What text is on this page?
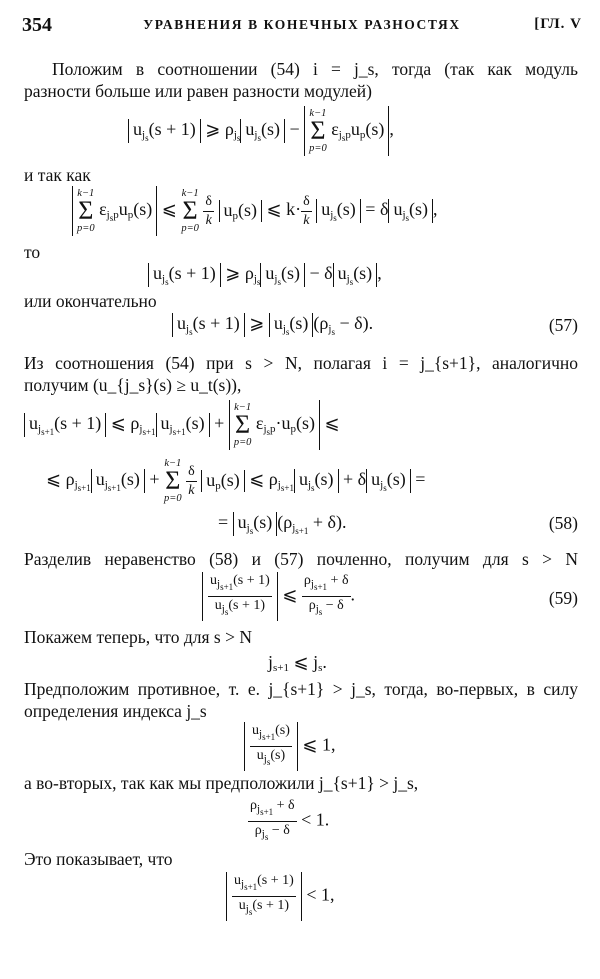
354	УРАВНЕНИЯ В КОНЕЧНЫХ РАЗНОСТЯХ	[ГЛ. V
Положим в соотношении (54) i = j_s, тогда (так как модуль
разности больше или равен разности модулей)
$u_{j_s}(s + 1)$ ⩾ $\rho_{j_s}$ $u_{j_s}(s)$ −
k−1
Σ
p=0
$\varepsilon_{j_sp}u_p(s)$ ,
и так как
k−1
Σ
p=0
$\varepsilon_{j_sp}u_p(s)$ ⩽
k−1
Σ
p=0
$\frac{\delta}{k} u_p(s)$ ⩽ $k\cdot \frac{\delta}{k} u_{j_s}(s) = \delta$ $u_{j_s}(s)$ ,
то
$u_{j_s}(s + 1)$ ⩾ $\rho_{j_s}$ $u_{j_s}(s) - \delta$ $u_{j_s}(s)$ ,
или окончательно
$u_{j_s}(s + 1)$ ⩾ $u_{j_s}(s) (\rho_{j_s} - \delta)$.	(57)
Из соотношения (54) при s > N, полагая i = j_{s+1}, аналогично
получим (u_{j_s}(s) ≥ u_t(s)),
$u_{j_{s+1}}(s + 1)$ ⩽ $\rho_{j_{s+1}}$ $u_{j_{s+1}}(s)$ +
k−1
Σ
p=0
$\varepsilon_{j_sp}\cdot u_p(s)$ ⩽
⩽ $\rho_{j_{s+1}}$ $u_{j_{s+1}}(s)$ +
k−1
Σ
p=0
$\frac{\delta}{k} u_p(s)$ ⩽ $\rho_{j_{s+1}}$ $u_{j_s}(s) + \delta$ $u_{j_s}(s)$ =
= $u_{j_s}(s) (\rho_{j_{s+1}} + \delta)$.	(58)
Разделив неравенство (58) и (57) почленно, получим для s > N
$u_{j_{s+1}}(s + 1)$
$u_{j_s}(s + 1)$
⩽
$\rho_{j_{s+1}} + \delta$
$\rho_{j_s} - \delta$
.	(59)
Покажем теперь, что для s > N
$j_{s+1}$ ⩽ $j_s$.
Предположим противное, т. е. j_{s+1} > j_s, тогда, во-первых, в силу
определения индекса j_s
$u_{j_{s+1}}(s)$
$u_{j_s}(s)$
⩽ 1,
а во-вторых, так как мы предположили j_{s+1} > j_s,
$\rho_{j_{s+1}} + \delta$
$\rho_{j_s} - \delta$
< 1.
Это показывает, что
$u_{j_{s+1}}(s + 1)$
$u_{j_s}(s + 1)$
< 1,
